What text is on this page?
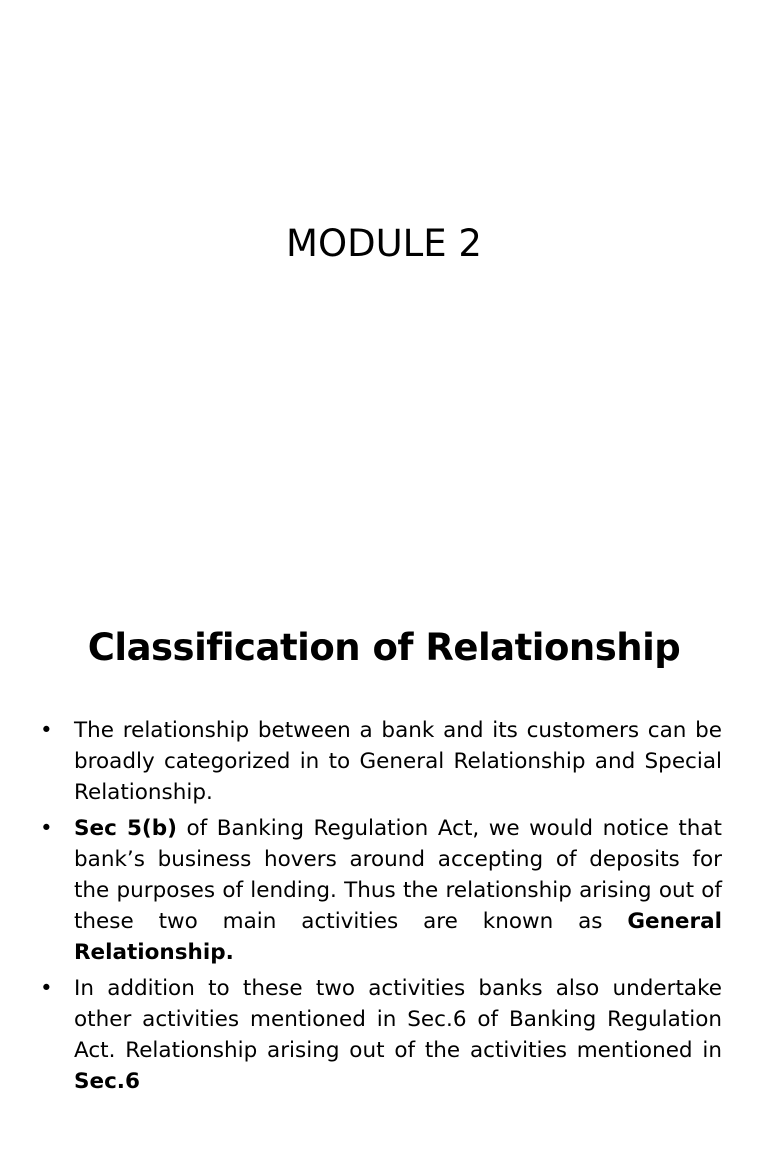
MODULE 2
Classification of Relationship
• The relationship between a bank and its customers can be broadly categorized in to General Relationship and Special Relationship.
• Sec 5(b) of Banking Regulation Act, we would notice that bank’s business hovers around accepting of deposits for the purposes of lending. Thus the relationship arising out of these two main activities are known as General Relationship.
• In addition to these two activities banks also undertake other activities mentioned in Sec.6 of Banking Regulation Act. Relationship arising out of the activities mentioned in Sec.6
